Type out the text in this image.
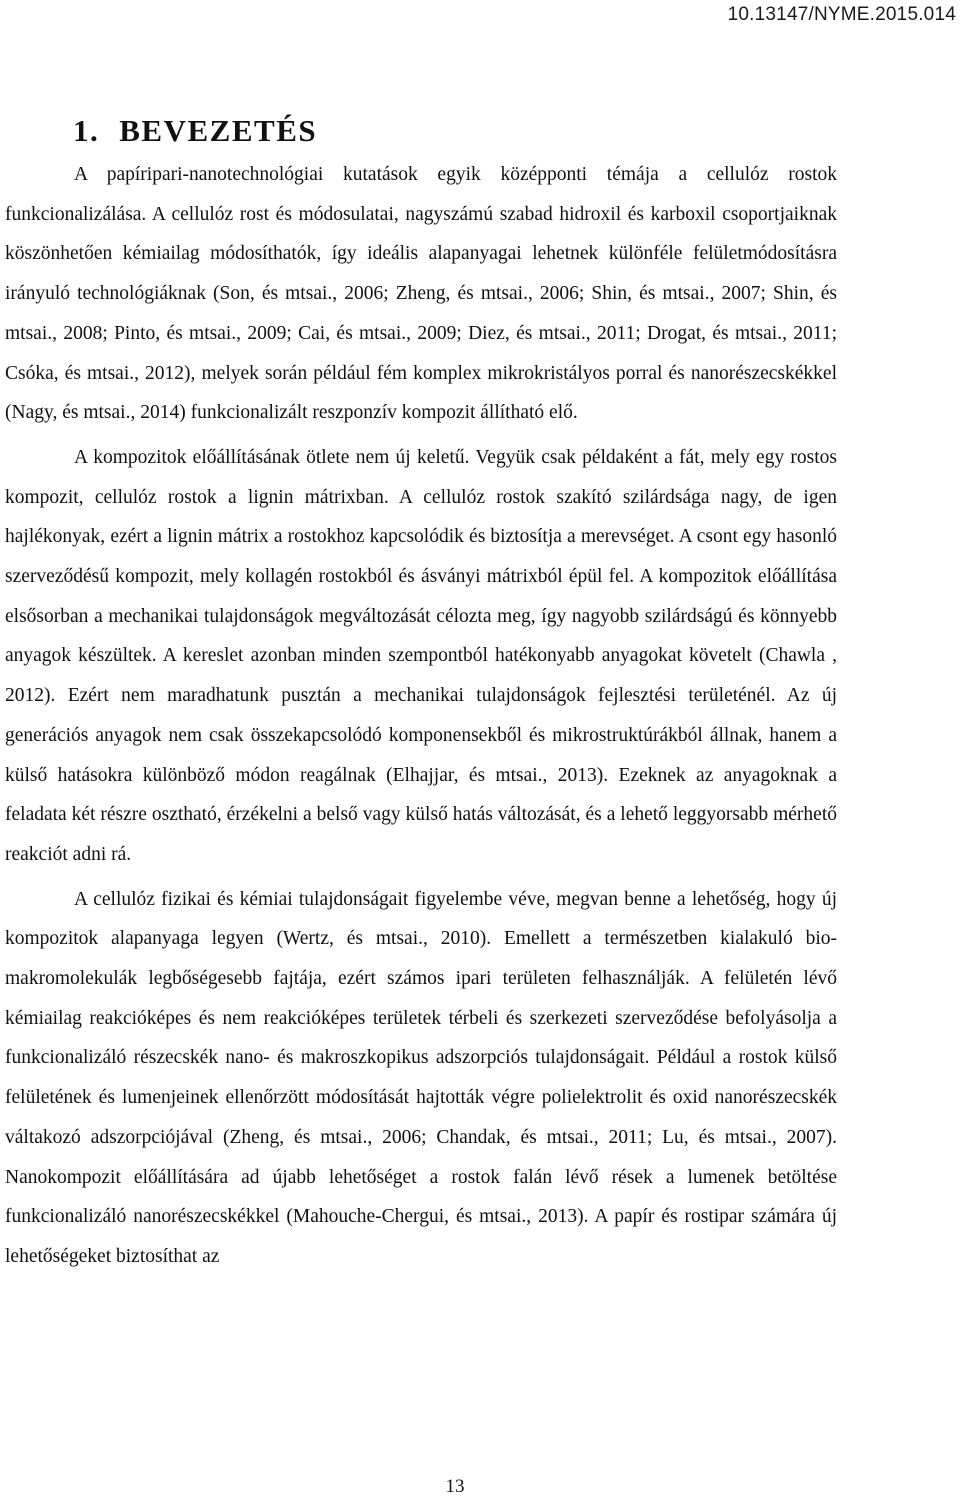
10.13147/NYME.2015.014
1. BEVEZETÉS

A papíripari-nanotechnológiai kutatások egyik középponti témája a cellulóz rostok funkcionalizálása. A cellulóz rost és módosulatai, nagyszámú szabad hidroxil és karboxil csoportjaiknak köszönhetően kémiailag módosíthatók, így ideális alapanyagai lehetnek különféle felületmódosításra irányuló technológiáknak (Son, és mtsai., 2006; Zheng, és mtsai., 2006; Shin, és mtsai., 2007; Shin, és mtsai., 2008; Pinto, és mtsai., 2009; Cai, és mtsai., 2009; Diez, és mtsai., 2011; Drogat, és mtsai., 2011; Csóka, és mtsai., 2012), melyek során például fém komplex mikrokristályos porral és nanorészecskékkel (Nagy, és mtsai., 2014) funkcionalizált reszponzív kompozit állítható elő.

A kompozitok előállításának ötlete nem új keletű. Vegyük csak példaként a fát, mely egy rostos kompozit, cellulóz rostok a lignin mátrixban. A cellulóz rostok szakító szilárdsága nagy, de igen hajlékonyak, ezért a lignin mátrix a rostokhoz kapcsolódik és biztosítja a merevséget. A csont egy hasonló szerveződésű kompozit, mely kollagén rostokból és ásványi mátrixból épül fel. A kompozitok előállítása elsősorban a mechanikai tulajdonságok megváltozását célozta meg, így nagyobb szilárdságú és könnyebb anyagok készültek. A kereslet azonban minden szempontból hatékonyabb anyagokat követelt (Chawla , 2012). Ezért nem maradhatunk pusztán a mechanikai tulajdonságok fejlesztési területénél. Az új generációs anyagok nem csak összekapcsolódó komponensekből és mikrostruktúrákból állnak, hanem a külső hatásokra különböző módon reagálnak (Elhajjar, és mtsai., 2013). Ezeknek az anyagoknak a feladata két részre osztható, érzékelni a belső vagy külső hatás változását, és a lehető leggyorsabb mérhető reakciót adni rá.

A cellulóz fizikai és kémiai tulajdonságait figyelembe véve, megvan benne a lehetőség, hogy új kompozitok alapanyaga legyen (Wertz, és mtsai., 2010). Emellett a természetben kialakuló bio-makromolekulák legbőségesebb fajtája, ezért számos ipari területen felhasználják. A felületén lévő kémiailag reakcióképes és nem reakcióképes területek térbeli és szerkezeti szerveződése befolyásolja a funkcionalizáló részecskék nano- és makroszkopikus adszorpciós tulajdonságait. Például a rostok külső felületének és lumenjeinek ellenőrzött módosítását hajtották végre polielektrolit és oxid nanorészecskék váltakozó adszorpciójával (Zheng, és mtsai., 2006; Chandak, és mtsai., 2011; Lu, és mtsai., 2007). Nanokompozit előállítására ad újabb lehetőséget a rostok falán lévő rések a lumenek betöltése funkcionalizáló nanorészecskékkel (Mahouche-Chergui, és mtsai., 2013). A papír és rostipar számára új lehetőségeket biztosíthat az

13
